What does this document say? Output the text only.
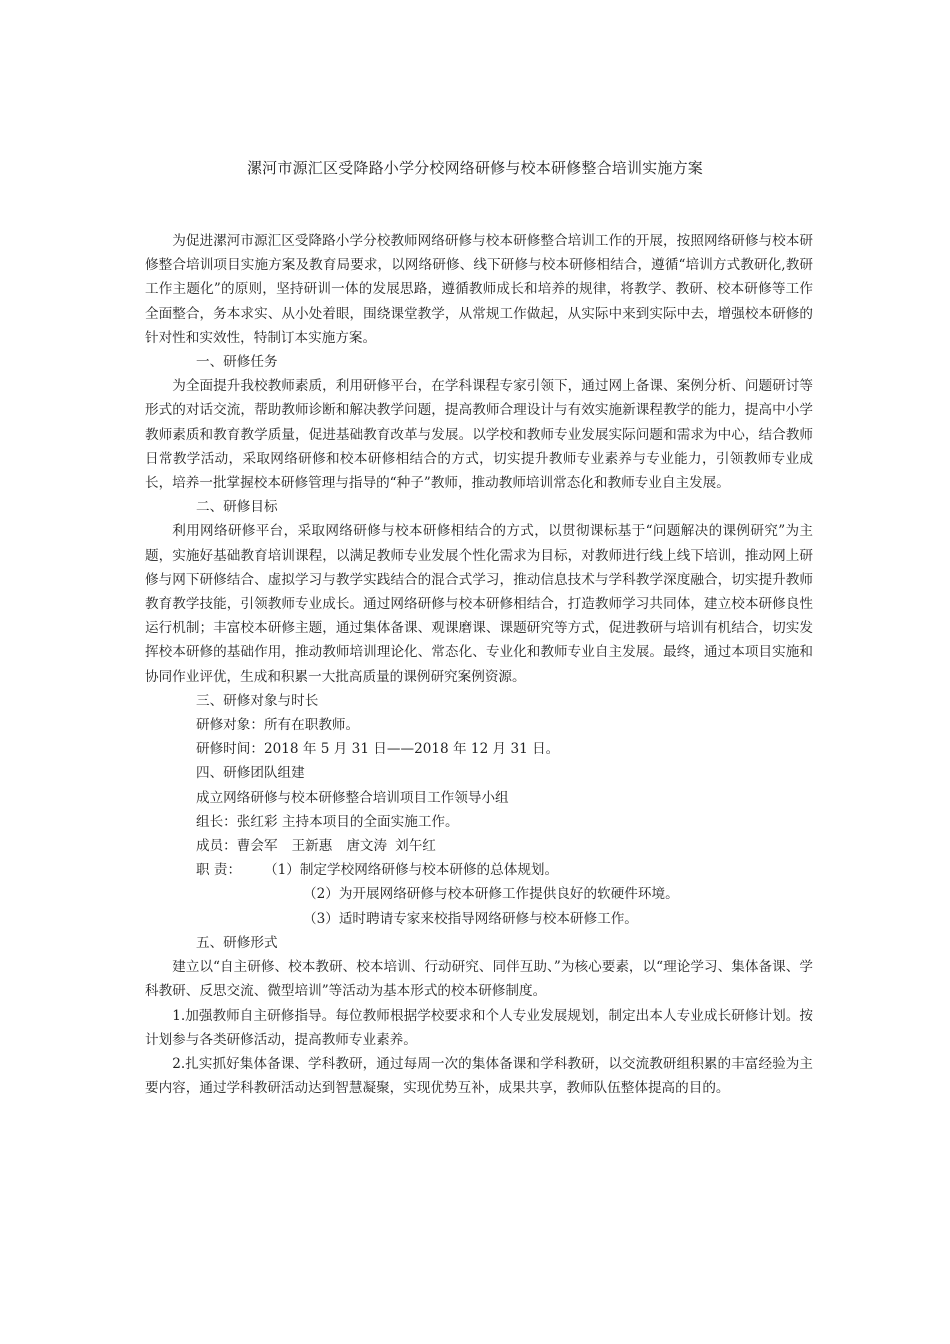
漯河市源汇区受降路小学分校网络研修与校本研修整合培训实施方案

为促进漯河市源汇区受降路小学分校教师网络研修与校本研修整合培训工作的开展，按照网络研修与校本研修整合培训项目实施方案及教育局要求，以网络研修、线下研修与校本研修相结合，遵循“培训方式教研化,教研工作主题化”的原则，坚持研训一体的发展思路，遵循教师成长和培养的规律，将教学、教研、校本研修等工作全面整合，务本求实、从小处着眼，围绕课堂教学，从常规工作做起，从实际中来到实际中去，增强校本研修的针对性和实效性，特制订本实施方案。

一、研修任务

为全面提升我校教师素质，利用研修平台，在学科课程专家引领下，通过网上备课、案例分析、问题研讨等形式的对话交流，帮助教师诊断和解决教学问题，提高教师合理设计与有效实施新课程教学的能力，提高中小学教师素质和教育教学质量，促进基础教育改革与发展。以学校和教师专业发展实际问题和需求为中心，结合教师日常教学活动，采取网络研修和校本研修相结合的方式，切实提升教师专业素养与专业能力，引领教师专业成长，培养一批掌握校本研修管理与指导的“种子”教师，推动教师培训常态化和教师专业自主发展。

二、研修目标

利用网络研修平台，采取网络研修与校本研修相结合的方式，以贯彻课标基于“问题解决的课例研究”为主题，实施好基础教育培训课程，以满足教师专业发展个性化需求为目标，对教师进行线上线下培训，推动网上研修与网下研修结合、虚拟学习与教学实践结合的混合式学习，推动信息技术与学科教学深度融合，切实提升教师教育教学技能，引领教师专业成长。通过网络研修与校本研修相结合，打造教师学习共同体，建立校本研修良性运行机制；丰富校本研修主题，通过集体备课、观课磨课、课题研究等方式，促进教研与培训有机结合，切实发挥校本研修的基础作用，推动教师培训理论化、常态化、专业化和教师专业自主发展。最终，通过本项目实施和协同作业评优，生成和积累一大批高质量的课例研究案例资源。

三、研修对象与时长

研修对象：所有在职教师。

研修时间：2018 年 5 月 31 日——2018 年 12 月 31 日。

四、研修团队组建

成立网络研修与校本研修整合培训项目工作领导小组

组长：张红彩 主持本项目的全面实施工作。

成员：曹会军 王新惠 唐文涛 刘午红

职 责： （1）制定学校网络研修与校本研修的总体规划。

（2）为开展网络研修与校本研修工作提供良好的软硬件环境。

（3）适时聘请专家来校指导网络研修与校本研修工作。

五、研修形式

建立以“自主研修、校本教研、校本培训、行动研究、同伴互助、”为核心要素，以“理论学习、集体备课、学科教研、反思交流、微型培训”等活动为基本形式的校本研修制度。

1.加强教师自主研修指导。每位教师根据学校要求和个人专业发展规划，制定出本人专业成长研修计划。按计划参与各类研修活动，提高教师专业素养。

2.扎实抓好集体备课、学科教研，通过每周一次的集体备课和学科教研，以交流教研组积累的丰富经验为主要内容，通过学科教研活动达到智慧凝聚，实现优势互补，成果共享，教师队伍整体提高的目的。
